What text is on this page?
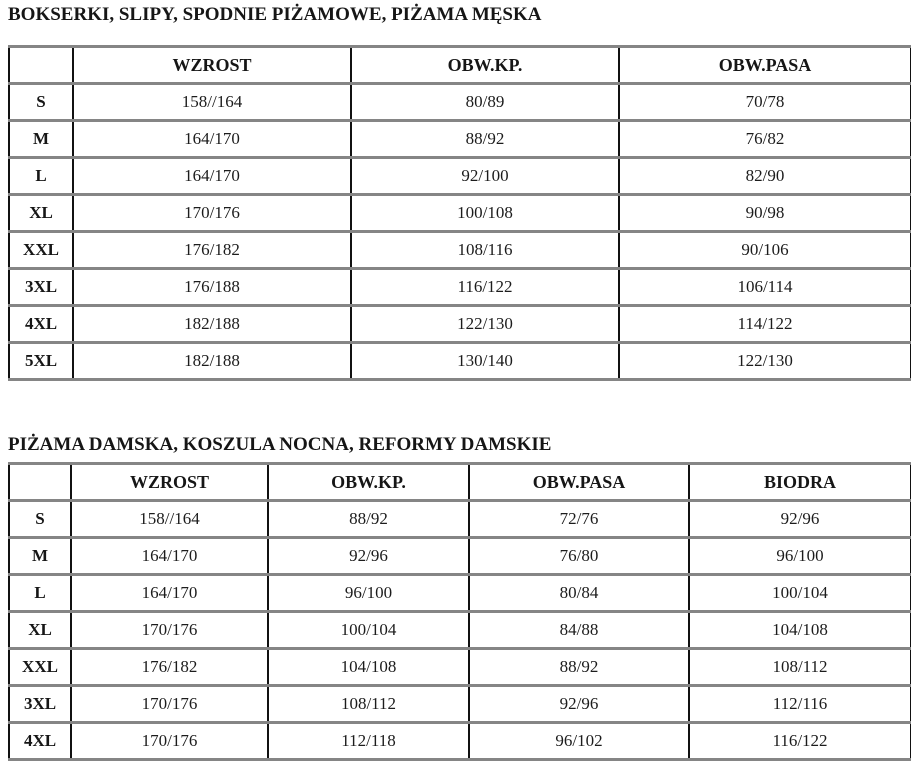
BOKSERKI, SLIPY, SPODNIE PIŻAMOWE, PIŻAMA MĘSKA
	WZROST	OBW.KP.	OBW.PASA
S	158//164	80/89	70/78
M	164/170	88/92	76/82
L	164/170	92/100	82/90
XL	170/176	100/108	90/98
XXL	176/182	108/116	90/106
3XL	176/188	116/122	106/114
4XL	182/188	122/130	114/122
5XL	182/188	130/140	122/130
PIŻAMA DAMSKA, KOSZULA NOCNA, REFORMY DAMSKIE
	WZROST	OBW.KP.	OBW.PASA	BIODRA
S	158//164	88/92	72/76	92/96
M	164/170	92/96	76/80	96/100
L	164/170	96/100	80/84	100/104
XL	170/176	100/104	84/88	104/108
XXL	176/182	104/108	88/92	108/112
3XL	170/176	108/112	92/96	112/116
4XL	170/176	112/118	96/102	116/122
